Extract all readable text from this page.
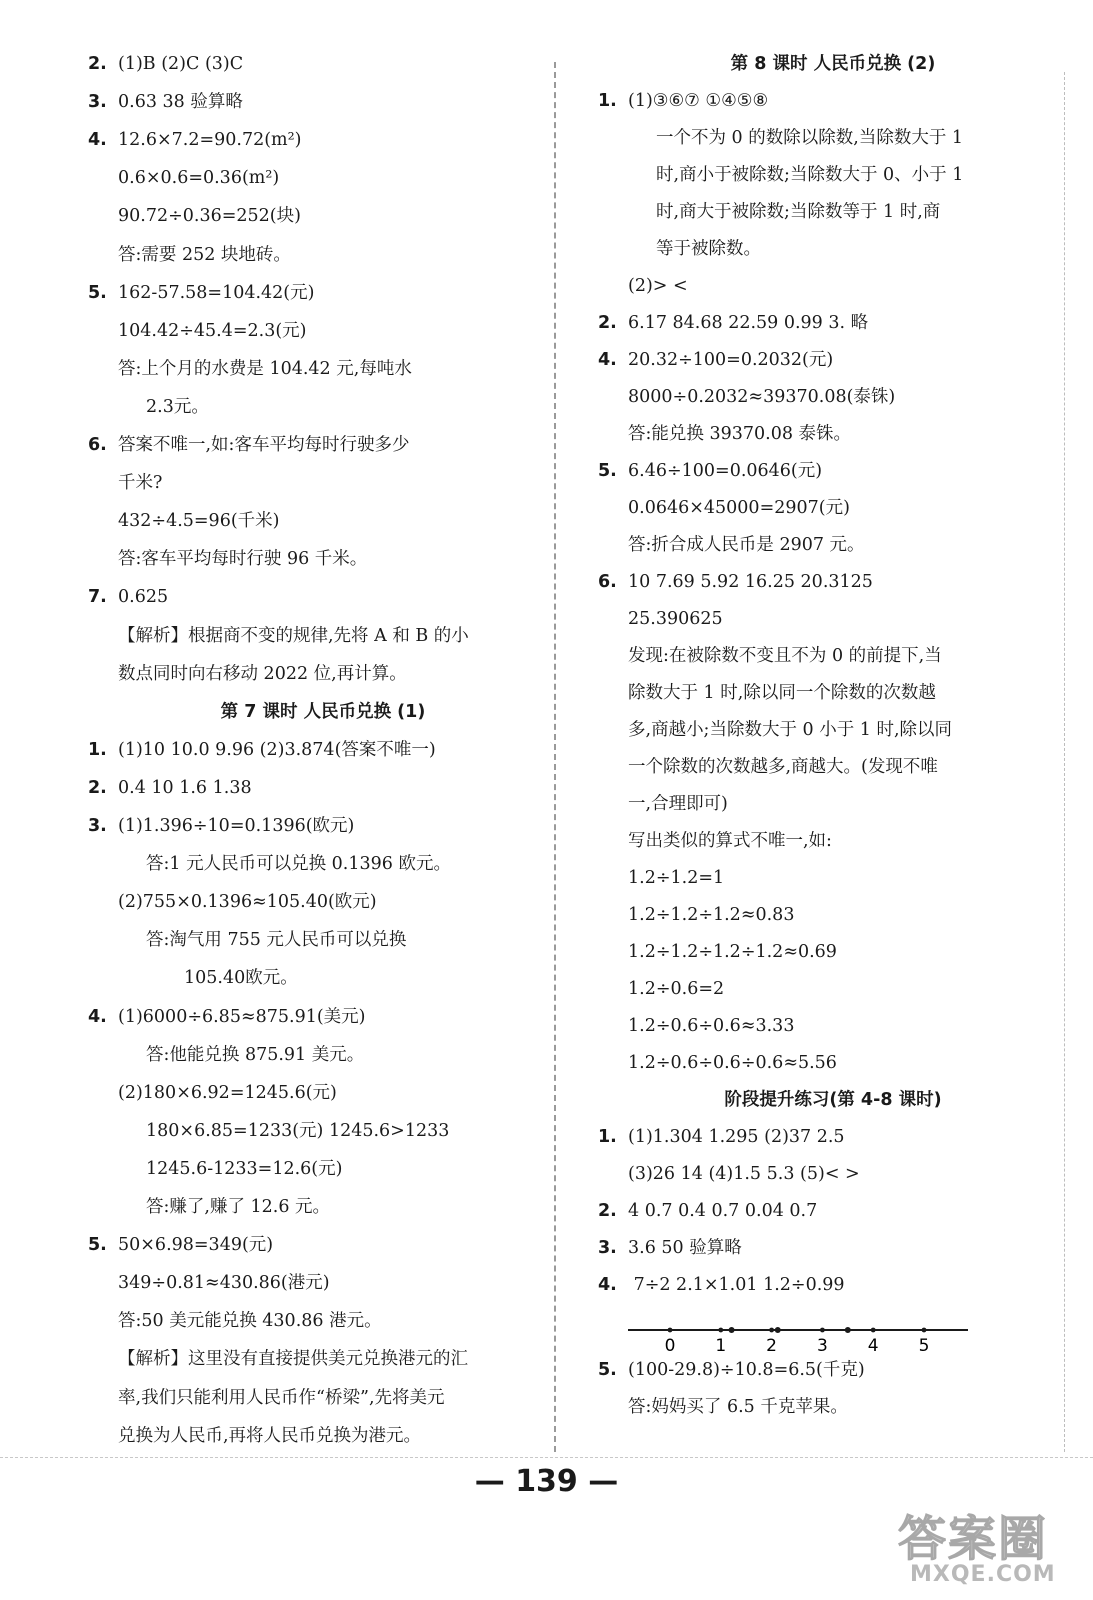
2. (1)B (2)C (3)C
3. 0.63 38 验算略
4. 12.6×7.2=90.72(m²)
0.6×0.6=0.36(m²)
90.72÷0.36=252(块)
答:需要 252 块地砖。
5. 162-57.58=104.42(元)
104.42÷45.4=2.3(元)
答:上个月的水费是 104.42 元,每吨水
2.3元。
6. 答案不唯一,如:客车平均每时行驶多少
千米?
432÷4.5=96(千米)
答:客车平均每时行驶 96 千米。
7. 0.625
【解析】根据商不变的规律,先将 A 和 B 的小
数点同时向右移动 2022 位,再计算。
第 7 课时 人民币兑换 (1)
1. (1)10 10.0 9.96 (2)3.874(答案不唯一)
2. 0.4 10 1.6 1.38
3. (1)1.396÷10=0.1396(欧元)
答:1 元人民币可以兑换 0.1396 欧元。
(2)755×0.1396≈105.40(欧元)
答:淘气用 755 元人民币可以兑换
105.40欧元。
4. (1)6000÷6.85≈875.91(美元)
答:他能兑换 875.91 美元。
(2)180×6.92=1245.6(元)
180×6.85=1233(元) 1245.6>1233
1245.6-1233=12.6(元)
答:赚了,赚了 12.6 元。
5. 50×6.98=349(元)
349÷0.81≈430.86(港元)
答:50 美元能兑换 430.86 港元。
【解析】这里没有直接提供美元兑换港元的汇
率,我们只能利用人民币作“桥梁”,先将美元
兑换为人民币,再将人民币兑换为港元。
第 8 课时 人民币兑换 (2)
1. (1)③⑥⑦ ①④⑤⑧
一个不为 0 的数除以除数,当除数大于 1
时,商小于被除数;当除数大于 0、小于 1
时,商大于被除数;当除数等于 1 时,商
等于被除数。
(2)> <
2. 6.17 84.68 22.59 0.99 3. 略
4. 20.32÷100=0.2032(元)
8000÷0.2032≈39370.08(泰铢)
答:能兑换 39370.08 泰铢。
5. 6.46÷100=0.0646(元)
0.0646×45000=2907(元)
答:折合成人民币是 2907 元。
6. 10 7.69 5.92 16.25 20.3125
25.390625
发现:在被除数不变且不为 0 的前提下,当
除数大于 1 时,除以同一个除数的次数越
多,商越小;当除数大于 0 小于 1 时,除以同
一个除数的次数越多,商越大。(发现不唯
一,合理即可)
写出类似的算式不唯一,如:
1.2÷1.2=1
1.2÷1.2÷1.2≈0.83
1.2÷1.2÷1.2÷1.2≈0.69
1.2÷0.6=2
1.2÷0.6÷0.6≈3.33
1.2÷0.6÷0.6÷0.6≈5.56
阶段提升练习(第 4-8 课时)
1. (1)1.304 1.295 (2)37 2.5
(3)26 14 (4)1.5 5.3 (5)< >
2. 4 0.7 0.4 0.7 0.04 0.7
3. 3.6 50 验算略
4. 7÷2 2.1×1.01 1.2÷0.99
5. (100-29.8)÷10.8=6.5(千克)
答:妈妈买了 6.5 千克苹果。
0 1 2 3 4 5
— 139 —
答案圈
MXQE.COM
